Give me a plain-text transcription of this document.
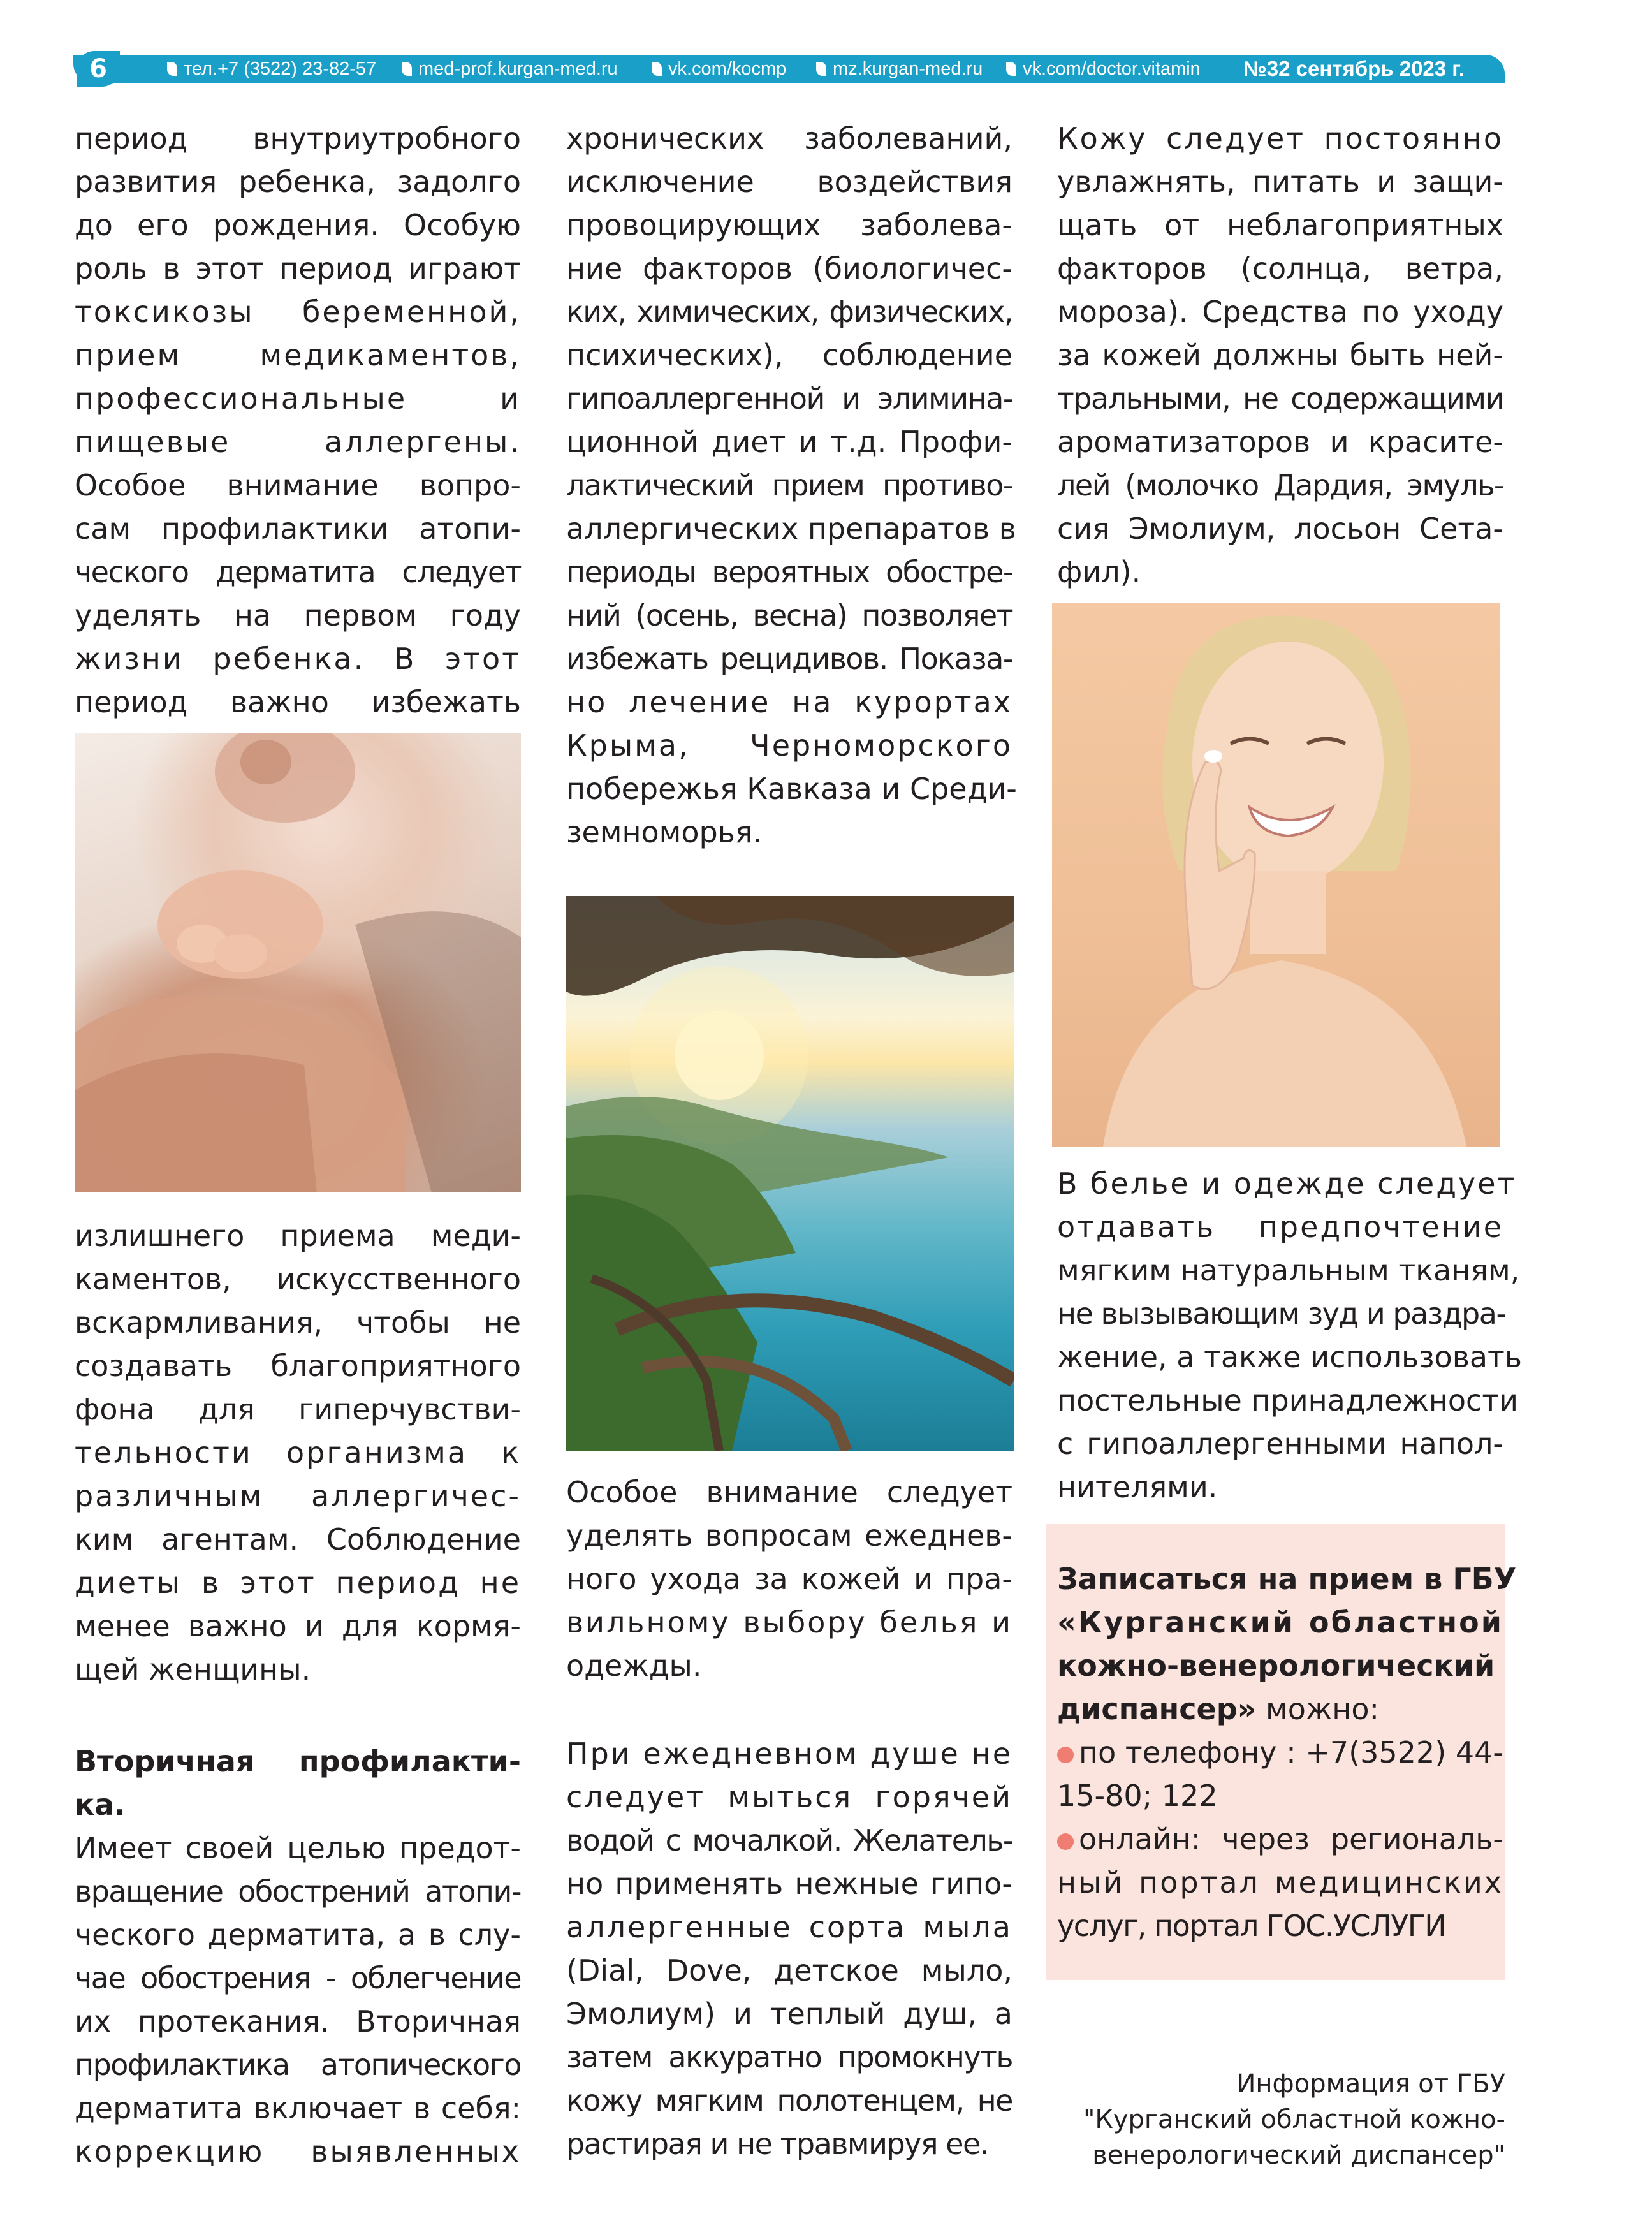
6	тел.+7 (3522) 23-82-57 med-prof.kurgan-med.ru	vk.com/kocmp	mz.kurgan-med.ru vk.com/doctor.vitamin №32 сентябрь 2023 г.

период внутриутробного
развития ребенка, задолго
до его рождения. Особую
роль в этот период играют
токсикозы беременной,
прием медикаментов,
профессиональные и
пищевые аллергены.
Особое внимание вопро-
сам профилактики атопи-
ческого дерматита следует
уделять на первом году
жизни ребенка. В этот
период важно избежать

излишнего приема меди-
каментов, искусственного
вскармливания, чтобы не
создавать благоприятного
фона для гиперчувстви-
тельности организма к
различным аллергичес-
ким агентам. Соблюдение
диеты в этот период не
менее важно и для кормя-
щей женщины.

Вторичная профилакти-
ка.

Имеет своей целью предот-
вращение обострений атопи-
ческого дерматита, а в слу-
чае обострения - облегчение
их протекания. Вторичная
профилактика атопического
дерматита включает в себя:
коррекцию выявленных

хронических заболеваний,
исключение воздействия
провоцирующих заболева-
ние факторов (биологичес-
ких, химических, физических,
психических), соблюдение
гипоаллергенной и элимина-
ционной диет и т.д. Профи-
лактический прием противо-
аллергических препаратов в
периоды вероятных обостре-
ний (осень, весна) позволяет
избежать рецидивов. Показа-
но лечение на курортах
Крыма, Черноморского
побережья Кавказа и Среди-
земноморья.

Особое внимание следует
уделять вопросам ежеднев-
ного ухода за кожей и пра-
вильному выбору белья и
одежды.

При ежедневном душе не
следует мыться горячей
водой с мочалкой. Желатель-
но применять нежные гипо-
аллергенные сорта мыла
(Dial, Dove, детское мыло,
Эмолиум) и теплый душ, а
затем аккуратно промокнуть
кожу мягким полотенцем, не
растирая и не травмируя ее.

Кожу следует постоянно
увлажнять, питать и защи-
щать от неблагоприятных
факторов (солнца, ветра,
мороза). Средства по уходу
за кожей должны быть ней-
тральными, не содержащими
ароматизаторов и красите-
лей (молочко Дардия, эмуль-
сия Эмолиум, лосьон Сета-
фил).

В белье и одежде следует
отдавать предпочтение
мягким натуральным тканям,
не вызывающим зуд и раздра-
жение, а также использовать
постельные принадлежности
с гипоаллергенными напол-
нителями.

Записаться на прием в ГБУ
«Курганский областной
кожно-венерологический
диспансер» можно:
по телефону : +7(3522) 44-
15-80; 122
онлайн: через региональ-
ный портал медицинских
услуг, портал ГОС.УСЛУГИ
Информация от ГБУ
"Курганский областной кожно-
венерологический диспансер"
